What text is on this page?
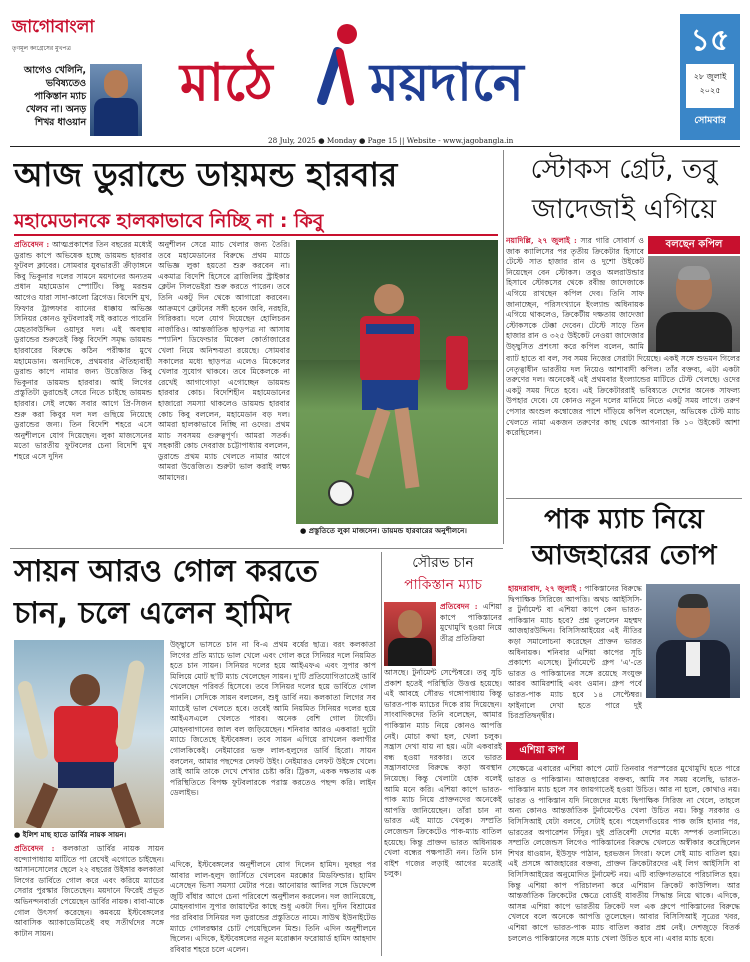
জাগোবাংলা
তৃণমূল কংগ্রেসের মুখপত্র
আগেও খেলিনি, ভবিষ্যতেও পাকিস্তান ম্যাচ খেলব না। অনড় শিখর ধাওয়ান
মাঠে ময়দানে
28 July, 2025 ● Monday ● Page 15 || Website - www.jagobangla.in
১৫
২৮ জুলাই
২০২৫
সোমবার
আজ ডুরান্ডে ডায়মন্ড হারবার
মহামেডানকে হালকাভাবে নিচ্ছি না : কিবু
প্রতিবেদন : আত্মপ্রকাশের তিন বছরের মধ্যেই ডুরান্ড কাপে অভিষেক হচ্ছে ডায়মন্ড হারবার ফুটবল ক্লাবের। সোমবার যুবভারতী ক্রীড়াঙ্গনে কিবু ভিকুনার দলের সামনে ময়দানের অন্যতম প্রধান মহামেডান স্পোর্টিং। কিছু মরশুম আগেও যারা সাদা-কালো ব্রিগেড। বিদেশি মুখ, ফিফার ট্রান্সফার ব্যানের ধাক্কায় অভিজ্ঞ সিনিয়র কোনও ফুটবলারই সই করাতে পারেনি মেহতাবউদ্দিন ওয়াদুর দল। এই অবস্থায় ডুরান্ডের শুরুতেই কিন্তু বিদেশি সমৃদ্ধ ডায়মন্ড হারবারের বিরুদ্ধে কঠিন পরীক্ষার মুখে মহামেডান। অন্যদিকে, প্রথমবার ঐতিহ্যবাহী ডুরান্ড কাপে নামার জন্য উত্তেজিত কিবু ভিকুনার ডায়মন্ড হারবার। আই লিগের প্রস্তুতিটা ডুরান্ডেই সেরে নিতে চাইছে ডায়মন্ড হারবার। সেই লক্ষ্যে সবার আগে প্রি-সিজন শুরু করা কিবুর দল দল গুছিয়ে নিয়েছে ডুরান্ডের জন্য। তিন বিদেশি শহরে এসে অনুশীলনে যোগ দিয়েছেন। লুকা মাজসেনের মতো ভারতীয় ফুটবলের চেনা বিদেশি মুখ শহরে এসে দুদিন
অনুশীলন সেরে ম্যাচ খেলার জন্য তৈরি। তবে মহামেডানের বিরুদ্ধে প্রথম ম্যাচে অভিজ্ঞ লুকা হয়তো শুরু করবেন না। একমাত্র বিদেশি হিসেবে ব্রাজিলিয় স্ট্রাইকার ক্লেটন সিলভেইরা শুরু করতে পারেন। তবে তিনি একটু দিন থেকে আগারো করবেন। আক্রমণে ক্লেটনের সঙ্গী হবেন জবি, নরহরি, গিরিকরা। দলে যোগ দিয়েছেন হোলিচরন নার্জারিও। আন্তর্জাতিক ছাড়পত্র না আসায় স্প্যানিশ ডিফেন্ডার মিকেল কোর্তাজারের খেলা নিয়ে অনিশ্চয়তা রয়েছে। সোমবার সকালের মধ্যে ছাড়পত্র এলেও মিকেলের খেলার সুযোগ থাকবে। তবে মিকেলকে না রেখেই আগাগোড়া এগোচ্ছেন ডায়মন্ড হারবার কোচ। বিদেশিহীন মহামেডানের হাজারো সমস্যা থাকলেও ডায়মন্ড হারবার কোচ কিবু বললেন, মহামেডান বড় দল। আমরা হালকাভাবে নিচ্ছি না ওদের। প্রথম ম্যাচ সবসময় গুরুত্বপূর্ণ। আমরা সতর্ক। সহকারী কোচ দেবরাজ চট্টোপাধ্যায় বললেন, ডুরান্ডে প্রথম ম্যাচ খেলতে নামার আগে আমরা উত্তেজিত। শুরুটা ভাল করাই লক্ষ্য আমাদের।
● প্রস্তুতিতে লুকা মাজসেন। ডায়মন্ড হারবারের অনুশীলনে।
স্টোকস গ্রেট, তবু
জাদেজাই এগিয়ে
নয়াদিল্লি, ২৭ জুলাই : স্যর গারি সোবার্স ও জাক ক্যালিসের পর তৃতীয় ক্রিকেটার হিসাবে টেস্টে সাত হাজার রান ও দুশো উইকেট নিয়েছেন বেন স্টোকস। তবুও অলরাউন্ডার হিসাবে স্টোকসের থেকে রবীন্দ্র জাদেজাকে এগিয়ে রাখছেন কপিল দেব। তিনি সাফ জানাচ্ছেন, পরিসংখ্যানে ইংল্যান্ড অধিনায়ক এগিয়ে থাকলেও, ক্রিকেটীয় দক্ষতায় জাদেজা স্টোকসকে টেক্কা দেবেন। টেস্টে সাড়ে তিন হাজার রান ও ৩২৫ উইকেট নেওয়া জাদেজার উচ্ছ্বসিত প্রশংসা করে কপিল বলেন, আমি
বলছেন কপিল
ব্যাট হাতে বা বল, সব সময় নিজের সেরাটা দিয়েছে। একই সঙ্গে শুভমন গিলের নেতৃত্বাধীন ভারতীয় দল নিয়েও আশাবাদী কপিল। তাঁর বক্তব্য, এটা একটা তরুণের দল। অনেকেই এই প্রথমবার ইংল্যান্ডের মাটিতে টেস্ট খেলছে। ওদের একটু সময় দিতে হবে। এই ক্রিকেটাররাই ভবিষ্যতে দেশের অনেক সাফল্য উপহার দেবে। যে কোনও নতুন দলের মানিয়ে নিতে একটু সময় লাগে। তরুণ পেসার অংশুল কম্বোজের পাশে দাঁড়িয়ে কপিল বলেছেন, অভিষেক টেস্ট ম্যাচ খেলতে নামা একজন তরুণের কাছ থেকে আপনারা কি ১০ উইকেট আশা করেছিলেন।
পাক ম্যাচ নিয়ে
আজহারের তোপ
হায়দরাবাদ, ২৭ জুলাই : পাকিস্তানের বিরুদ্ধে দ্বিপাক্ষিক সিরিজে আপত্তি। অথচ আইসিসি-র টুর্নামেন্ট বা এশিয়া কাপে কেন ভারত-পাকিস্তান ম্যাচ হবে? প্রশ্ন তুললেন মহম্মদ আজহারউদ্দিন। বিসিসিআইয়ের এই নীতির কড়া সমালোচনা করেছেন প্রাক্তন ভারত অধিনায়ক। শনিবার এশিয়া কাপের সূচি প্রকাশ্যে এসেছে। টুর্নামেন্টে গ্রুপ 'এ'-তে ভারত ও পাকিস্তানের সঙ্গে রয়েছে সংযুক্ত আরব আমিরশাহি এবং ওমান। গ্রুপ পর্বে ভারত-পাক ম্যাচ হবে ১৪ সেপ্টেম্বর। ফাইনালে দেখা হতে পারে দুই চিরপ্রতিদ্বন্দ্বীর।
এশিয়া কাপ
সেক্ষেত্রে এবারের এশিয়া কাপে মোট তিনবার পরস্পরের মুখোমুখি হতে পারে ভারত ও পাকিস্তান। আজহারের বক্তব্য, আমি সব সময় বলেছি, ভারত-পাকিস্তান ম্যাচ হলে সব জায়গাতেই হওয়া উচিত। আর না হলে, কোথাও নয়। ভারত ও পাকিস্তান যদি নিজেদের মধ্যে দ্বিপাক্ষিক সিরিজ না খেলে, তাহলে অন্য কোনও আন্তর্জাতিক টুর্নামেন্টেও খেলা উচিত নয়। কিন্তু সরকার ও বিসিসিআই যেটা বলবে, সেটাই হবে। পহেলগাঁওয়ের পাক জঙ্গি হানার পর, ভারতের অপারেশন সিঁদুর। দুই প্রতিবেশী দেশের মধ্যে সম্পর্ক তলানিতে। সম্প্রতি লেজেন্ডস লিগেও পাকিস্তানের বিরুদ্ধে খেলতে অস্বীকার করেছিলেন শিখর ধাওয়ান, ইউসুফ পাঠান, হরভজন সিংরা। ফলে সেই ম্যাচ বাতিল হয়। এই প্রসঙ্গে আজহারের বক্তব্য, প্রাক্তন ক্রিকেটারদের এই লিগ আইসিসি বা বিসিসিআইয়ের অনুমোদিত টুর্নামেন্ট নয়। এটি ব্যক্তিগতভাবে পরিচালিত হয়। কিন্তু এশিয়া কাপ পরিচালনা করে এশিয়ান ক্রিকেট কাউন্সিল। আর আন্তর্জাতিক ক্রিকেটের ক্ষেত্রে বোর্ডই যাবতীয় সিদ্ধান্ত নিয়ে থাকে। এদিকে, আসন্ন এশিয়া কাপে ভারতীয় ক্রিকেট দল এক গ্রুপে পাকিস্তানের বিরুদ্ধে খেলবে বলে অনেকে আপত্তি তুলেছেন। আবার বিসিসিআই সূত্রের খবর, এশিয়া কাপে ভারত-পাক ম্যাচ বাতিল করার প্রশ্ন নেই। দেশজুড়ে বিতর্ক চললেও পাকিস্তানের সঙ্গে ম্যাচ খেলা উচিত হবে না। এবার ম্যাচ হবে।
সায়ন আরও গোল করতে
চান, চলে এলেন হামিদ
● ইলিশ মাছ হাতে ডার্বির নায়ক সায়ন।
প্রতিবেদন : কলকাতা ডার্বির নায়ক সায়ন বন্দ্যোপাধ্যায় মাটিতে পা রেখেই এগোতে চাইছেন। আসানসোলের ছেলে ২২ বছরের উইঙ্গার কলকাতা লিগের ডার্বিতে গোল করে এবং করিয়ে ম্যাচের সেরার পুরস্কার জিতেছেন। ময়দানে ফিরেই প্রভূত অভিনন্দনবার্তা পেয়েছেন ডার্বির নায়ক। বাবা-মাকে গোল উৎসর্গ করেছেন। কমবয়ে ইস্টবেঙ্গলের আবাসিক অ্যাকাডেমিতেই বহু সতীর্থদের সঙ্গে কাটান সায়ন।
উচ্ছ্বাসে ভাসতে চান না বি-এ প্রথম বর্ষের ছাত্র। বরং কলকাতা লিগের প্রতি ম্যাচে ভাল খেলে এবং গোল করে সিনিয়র দলে নিয়মিত হতে চান সায়ন। সিনিয়র দলের হয়ে আইএফএ এবং সুপার কাপ মিলিয়ে মোট ছ'টি ম্যাচ খেলেছেন সায়ন। দু'টি প্রতিযোগিতাতেই ডার্বি খেলেছেন পরিবর্ত হিসেবে। তবে সিনিয়র দলের হয়ে ডার্বিতে গোল পাননি। সেদিকে সায়ন বললেন, শুধু ডার্বি নয়। কলকাতা লিগের সব ম্যাচেই ভাল খেলতে হবে। তবেই আমি নিয়মিত সিনিয়র দলের হয়ে আইএসএলে খেলতে পারব। অনেক বেশি গোল টার্গেট। মোহনবাগানের জাল বল জড়িয়েছেন। শনিবার আরও একবার! দুটো ম্যাচে জিতেছে ইস্টবেঙ্গল। তবে সায়ন এগিয়ে রাখলেন কলাগীর গোলকিকেই। নেইমারের ভক্ত লাল-হলুদের ডার্বি হিরো। সায়ন বললেন, আমার পছন্দের লেফট উইং। নেইমারও লেফট উইঙ্গে খেলে। তাই আমি তাকে দেখে শেখার চেষ্টা করি। ট্রিকস, একক দক্ষতায় এক পরিস্থিতিতে বিপক্ষ ফুটবলারকে পরাস্ত করতেও পছন্দ করি। লাইন ডেলাইভ।
এদিকে, ইস্টবেঙ্গলের অনুশীলনে যোগ দিলেন হামিদ। দুবছর পর আবার লাল-হলুদ জার্সিতে খেলবেন মরক্কোর মিডফিল্ডার। হামিদ এসেছেন ভিসা সমস্যা মেটার পরে। আনোয়ার আলির সঙ্গে ডিফেন্সে জুটি বাঁধার আগে চেনা পরিবেশে অনুশীলন করলেন। দল জানিয়েছে, মোহনবাগান সুপার জায়ান্টের কাছে শুধু একটা দিন। দুদিন বিশ্রামের পর রবিবার সিনিয়র দল ডুরান্ডের প্রস্তুতিতে নামে। সাউথ ইউনাইটেড ম্যাচে গোলরক্ষার চোট পেয়েছিলেন মিশু। তিনি এদিন অনুশীলনে ছিলেন। এদিকে, ইস্টবেঙ্গলের নতুন মরোক্কান ফরোয়ার্ড হামিদ আহদাদ রবিবার শহরে চলে এলেন।
সৌরভ চান
পাকিস্তান ম্যাচ
প্রতিবেদন : এশিয়া কাপে পাকিস্তানের মুখোমুখি হওয়া নিয়ে তীব্র প্রতিক্রিয়া
আসছে। টুর্নামেন্ট সেপ্টেম্বরে। তবু সুচি প্রকাশ হতেই পরিস্থিতি উত্তপ্ত হয়েছে। এই আবহে সৌরভ গঙ্গোপাধ্যায় কিন্তু ভারত-পাক ম্যাচের দিকে রায় দিয়েছেন। সাংবাদিকদের তিনি বলেছেন, আমার পাকিস্তান ম্যাচ নিয়ে কোনও আপত্তি নেই। মোচা কথা হল, খেলা চলুক। সন্ত্রাস দেখা যায় না হয়। এটা একবারই বন্ধ হওয়া দরকার। তবে ভারত সন্ত্রাসবাদের বিরুদ্ধে কড়া অবস্থান নিয়েছে। কিন্তু খেলাটা হোক বলেই আমি মনে করি। এশিয়া কাপে ভারত-পাক ম্যাচ নিয়ে প্রাক্তনদের অনেকেই আপত্তি জানিয়েছেন। তাঁরা চান না ভারত এই ম্যাচে খেলুক। সম্প্রতি লেজেন্ডস ক্রিকেটেও পাক-ম্যাচ বাতিল হয়েছে। কিন্তু প্রাক্তন ভারত অধিনায়ক খেলা বন্ধের পক্ষপাতী নন। তিনি চান বাইশ গজের লড়াই আগের মতোই চলুক।
